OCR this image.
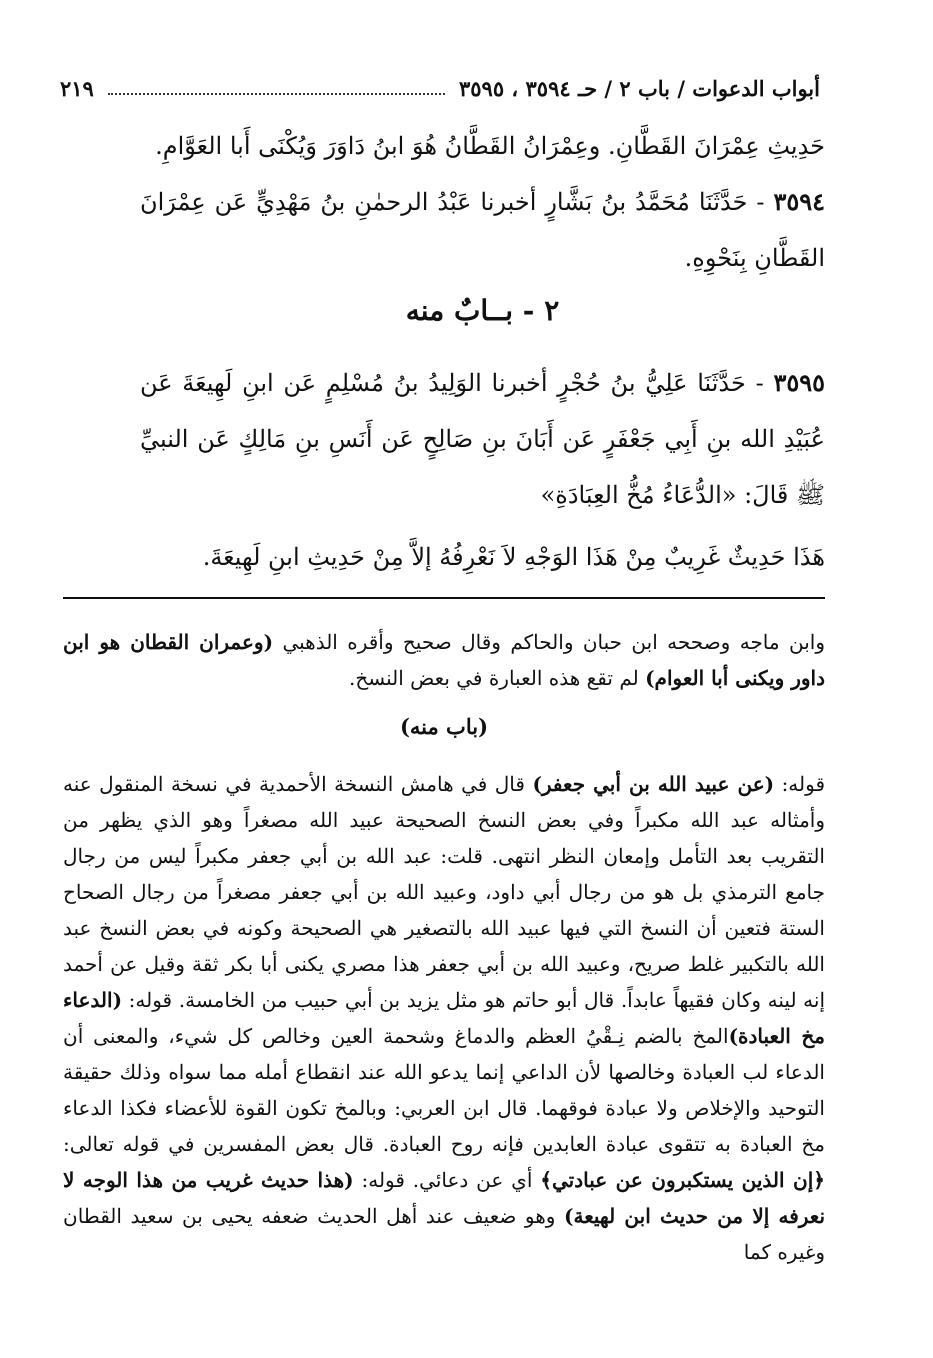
أبواب الدعوات / باب ٢ / حـ ٣٥٩٤ ، ٣٥٩٥
٢١٩

حَدِيثِ عِمْرَانَ القَطَّانِ. وعِمْرَانُ القَطَّانُ هُوَ ابنُ دَاوَرَ وَيُكْنَى أَبا العَوَّامِ.

٣٥٩٤ - حَدَّثَنَا مُحَمَّدُ بنُ بَشَّارٍ أخبرنا عَبْدُ الرحمٰنِ بنُ مَهْدِيٍّ عَن عِمْرَانَ القَطَّانِ بِنَحْوِهِ.

٢ - بــابٌ منه

٣٥٩٥ - حَدَّثَنَا عَلِيُّ بنُ حُجْرٍ أخبرنا الوَلِيدُ بنُ مُسْلِمٍ عَن ابنِ لَهِيعَةَ عَن عُبَيْدِ الله بنِ أَبِي جَعْفَرٍ عَن أَبَانَ بنِ صَالِحٍ عَن أَنَسِ بنِ مَالِكٍ عَن النبيِّ ﷺ قَالَ: «الدُّعَاءُ مُخُّ العِبَادَةِ»

هَذَا حَدِيثٌ غَرِيبٌ مِنْ هَذَا الوَجْهِ لاَ نَعْرِفُهُ إلاَّ مِنْ حَدِيثِ ابنِ لَهِيعَةَ.

وابن ماجه وصححه ابن حبان والحاكم وقال صحيح وأقره الذهبي (وعمران القطان هو ابن داور ويكنى أبا العوام) لم تقع هذه العبارة في بعض النسخ.

(باب منه)

قوله: (عن عبيد الله بن أبي جعفر) قال في هامش النسخة الأحمدية في نسخة المنقول عنه وأمثاله عبد الله مكبراً وفي بعض النسخ الصحيحة عبيد الله مصغراً وهو الذي يظهر من التقريب بعد التأمل وإمعان النظر انتهى. قلت: عبد الله بن أبي جعفر مكبراً ليس من رجال جامع الترمذي بل هو من رجال أبي داود، وعبيد الله بن أبي جعفر مصغراً من رجال الصحاح الستة فتعين أن النسخ التي فيها عبيد الله بالتصغير هي الصحيحة وكونه في بعض النسخ عبد الله بالتكبير غلط صريح، وعبيد الله بن أبي جعفر هذا مصري يكنى أبا بكر ثقة وقيل عن أحمد إنه لينه وكان فقيهاً عابداً. قال أبو حاتم هو مثل يزيد بن أبي حبيب من الخامسة. قوله: (الدعاء مخ العبادة)المخ بالضم نِـقْيُ العظم والدماغ وشحمة العين وخالص كل شيء، والمعنى أن الدعاء لب العبادة وخالصها لأن الداعي إنما يدعو الله عند انقطاع أمله مما سواه وذلك حقيقة التوحيد والإخلاص ولا عبادة فوقهما. قال ابن العربي: وبالمخ تكون القوة للأعضاء فكذا الدعاء مخ العبادة به تتقوى عبادة العابدين فإنه روح العبادة. قال بعض المفسرين في قوله تعالى: ﴿إن الذين يستكبرون عن عبادتي﴾ أي عن دعائي. قوله: (هذا حديث غريب من هذا الوجه لا نعرفه إلا من حديث ابن لهيعة) وهو ضعيف عند أهل الحديث ضعفه يحيى بن سعيد القطان وغيره كما
